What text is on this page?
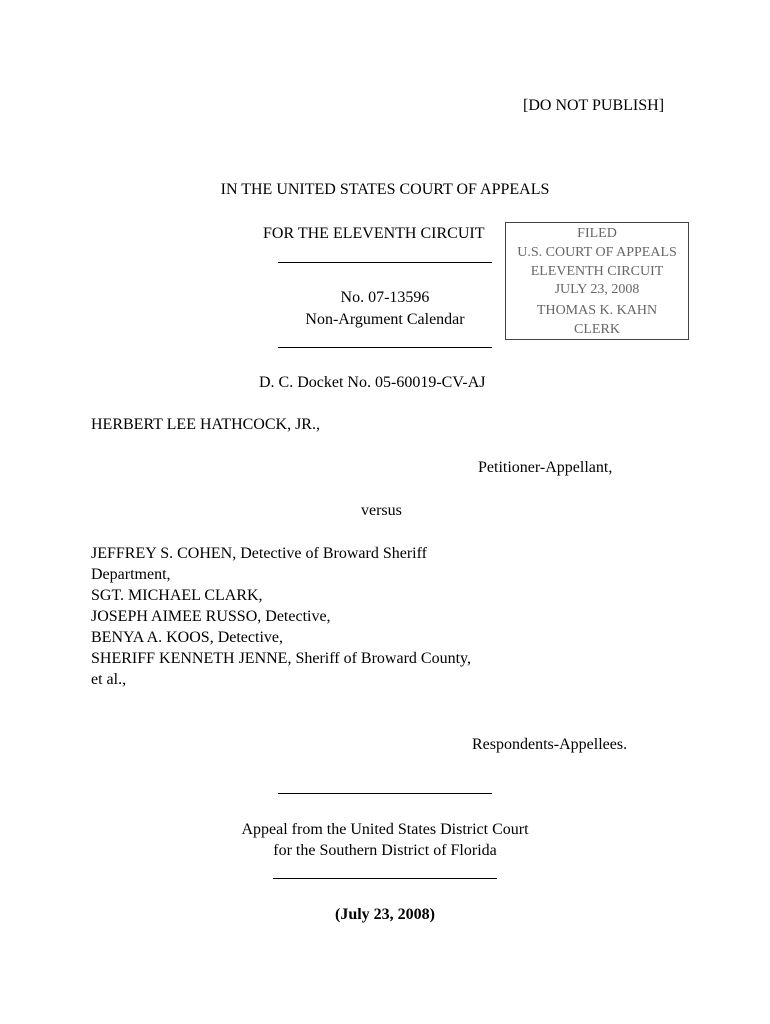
[DO NOT PUBLISH]
IN THE UNITED STATES COURT OF APPEALS
FOR THE ELEVENTH CIRCUIT	FILED
U.S. COURT OF APPEALS
ELEVENTH CIRCUIT
JULY 23, 2008
THOMAS K. KAHN
CLERK
No. 07-13596
Non-Argument Calendar
D. C. Docket No. 05-60019-CV-AJ
HERBERT LEE HATHCOCK, JR.,
Petitioner-Appellant,
versus
JEFFREY S. COHEN, Detective of Broward Sheriff
Department,
SGT. MICHAEL CLARK,
JOSEPH AIMEE RUSSO, Detective,
BENYA A. KOOS, Detective,
SHERIFF KENNETH JENNE, Sheriff of Broward County,
et al.,
Respondents-Appellees.
Appeal from the United States District Court
for the Southern District of Florida
(July 23, 2008)
